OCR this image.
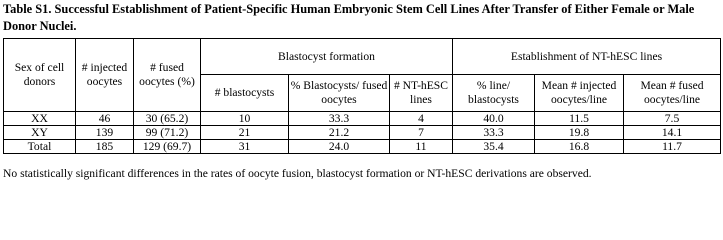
Table S1. Successful Establishment of Patient-Specific Human Embryonic Stem Cell Lines After Transfer of Either Female or Male Donor Nuclei.
Sex of cell donors	# injected oocytes	# fused oocytes (%)	Blastocyst formation			Establishment of NT-hESC lines		
			# blastocysts	% Blastocysts/ fused oocytes	# NT-hESC lines	% line/ blastocysts	Mean # injected oocytes/line	Mean # fused oocytes/line
XX	46	30 (65.2)	10	33.3	4	40.0	11.5	7.5
XY	139	99 (71.2)	21	21.2	7	33.3	19.8	14.1
Total	185	129 (69.7)	31	24.0	11	35.4	16.8	11.7
No statistically significant differences in the rates of oocyte fusion, blastocyst formation or NT-hESC derivations are observed.
